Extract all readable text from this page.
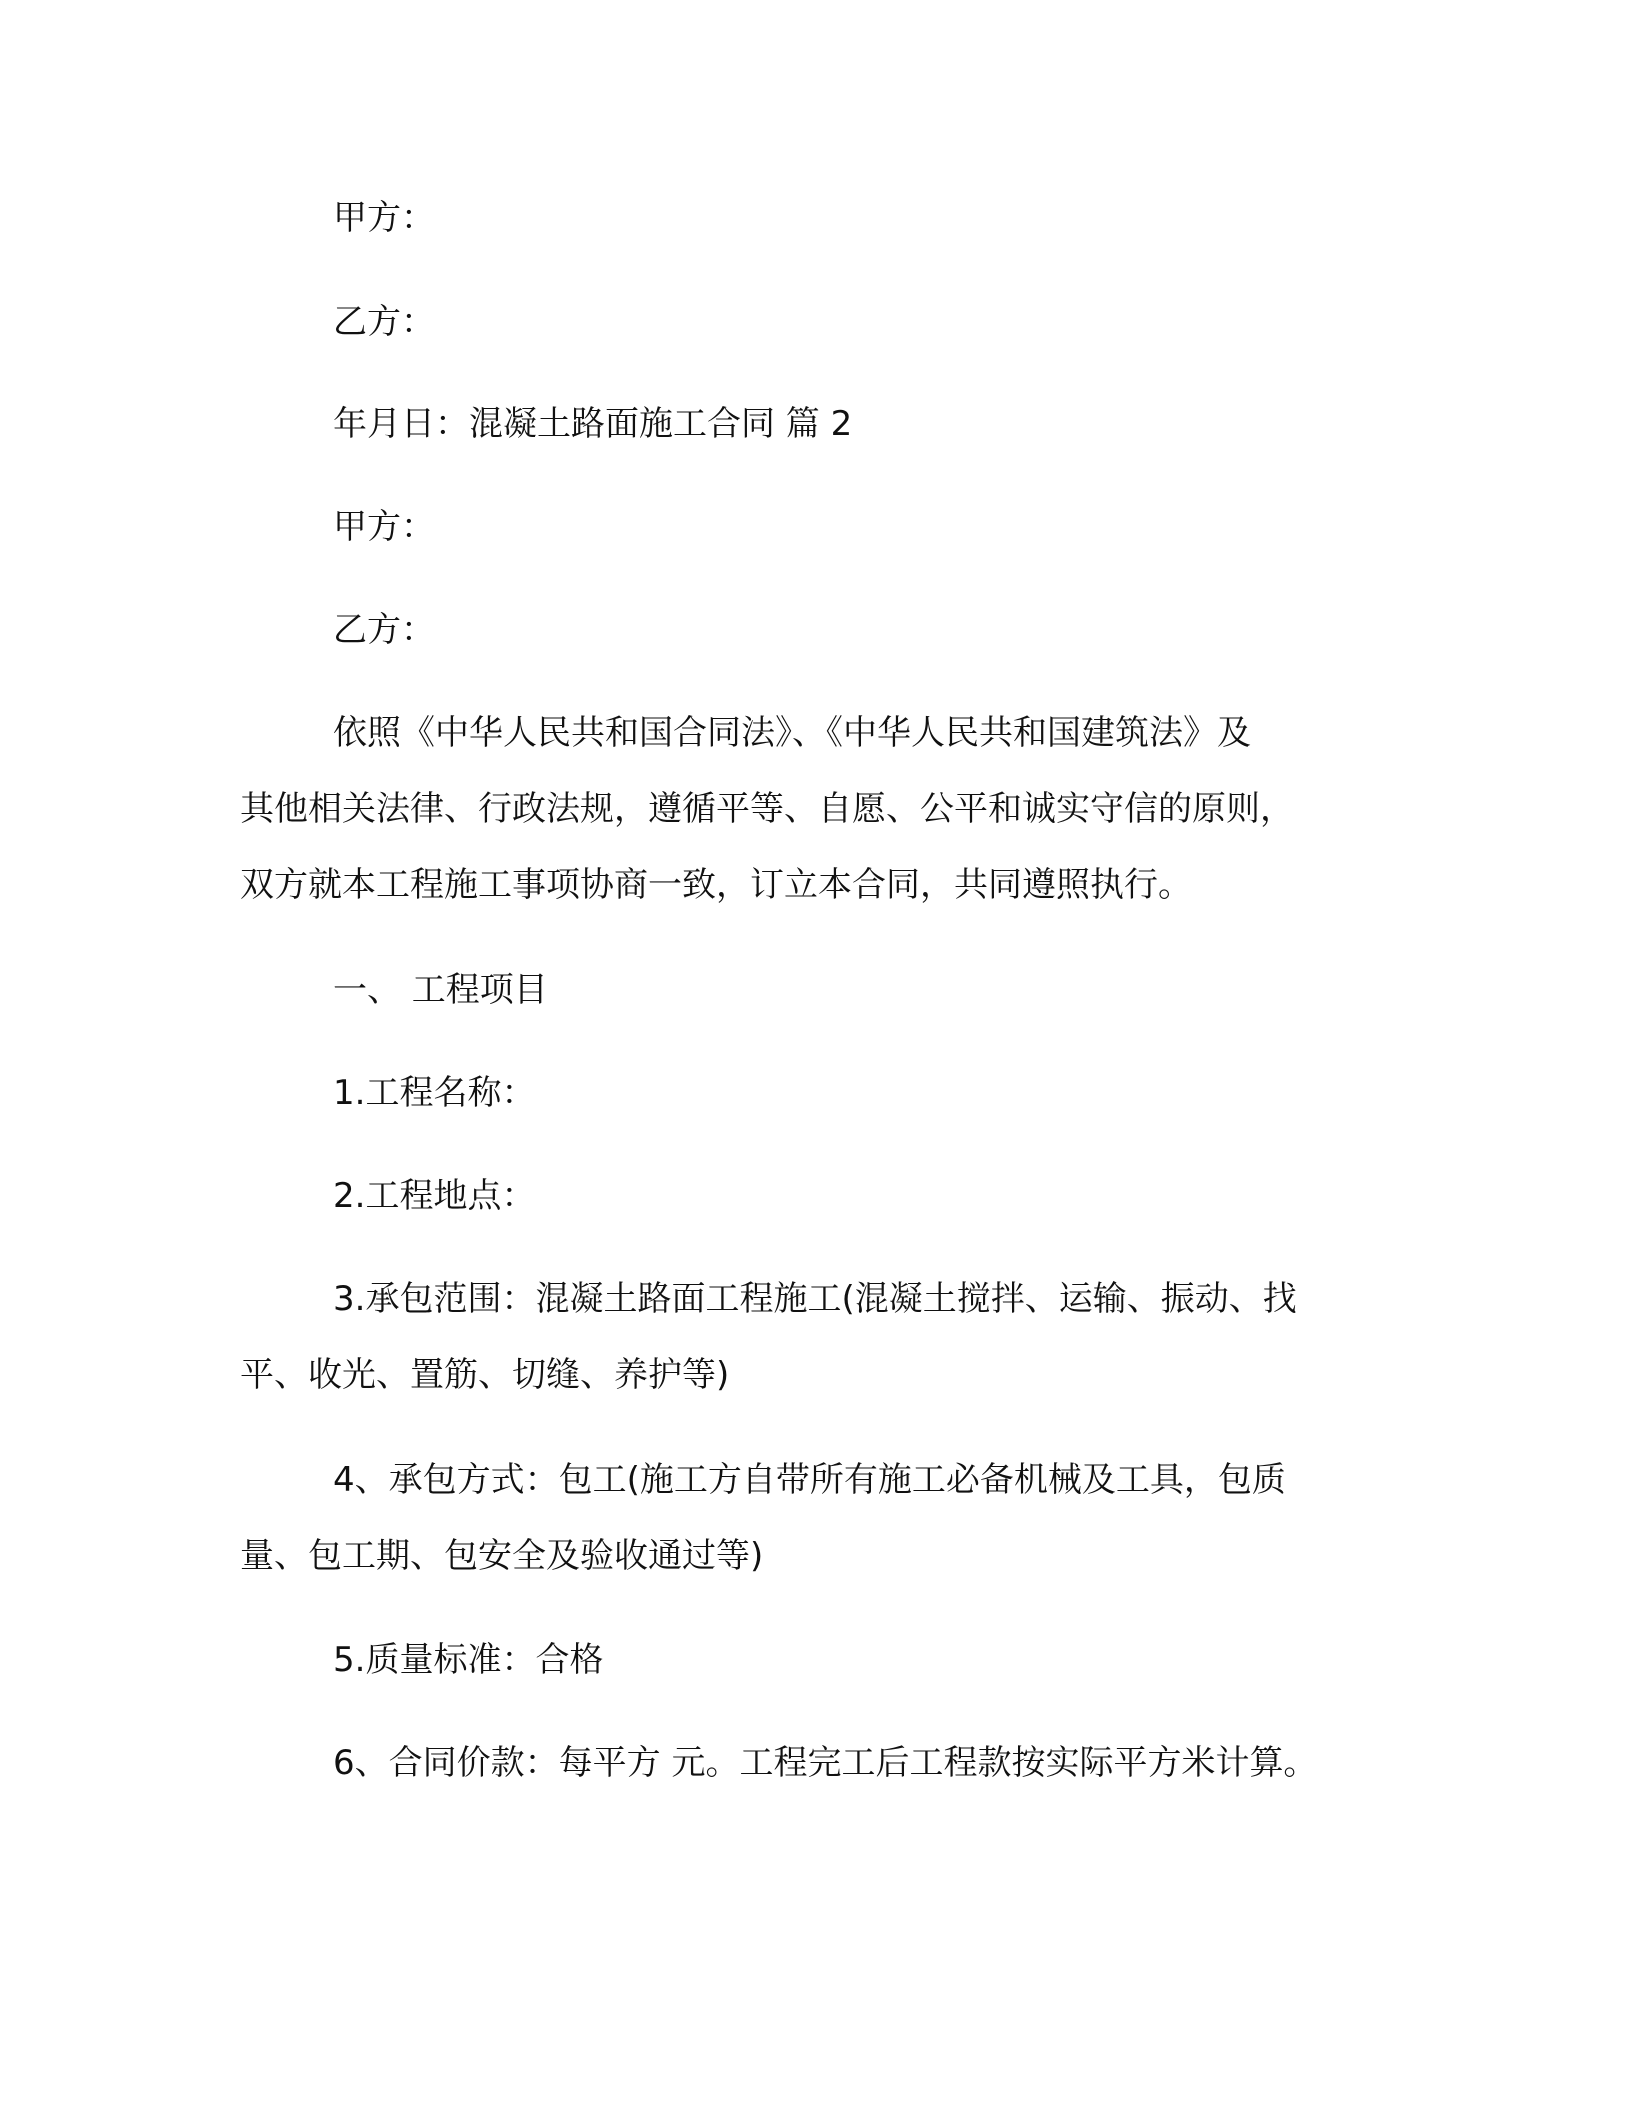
甲方：
乙方：
年月日：混凝土路面施工合同 篇 2
甲方：
乙方：
依照《中华人民共和国合同法》、《中华人民共和国建筑法》及
其他相关法律、行政法规，遵循平等、自愿、公平和诚实守信的原则，
双方就本工程施工事项协商一致，订立本合同，共同遵照执行。
一、 工程项目
1.工程名称：
2.工程地点：
3.承包范围：混凝土路面工程施工(混凝土搅拌、运输、振动、找
平、收光、置筋、切缝、养护等)
4、承包方式：包工(施工方自带所有施工必备机械及工具，包质
量、包工期、包安全及验收通过等)
5.质量标准：合格
6、合同价款：每平方 元。工程完工后工程款按实际平方米计算。
